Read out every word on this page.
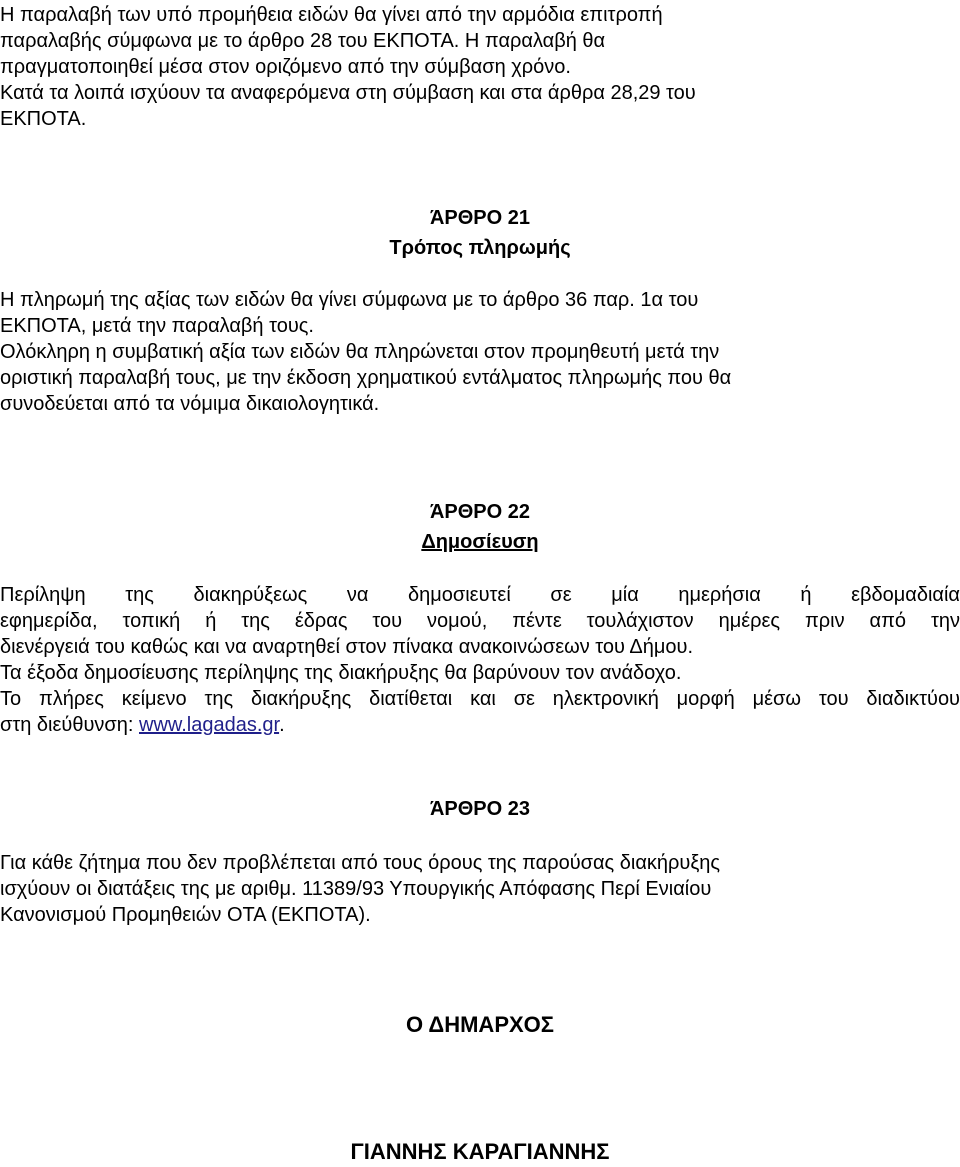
Η παραλαβή των υπό προμήθεια ειδών θα γίνει από την αρμόδια επιτροπή
παραλαβής σύμφωνα με το άρθρο 28 του ΕΚΠΟΤΑ. Η παραλαβή θα
πραγματοποιηθεί μέσα στον οριζόμενο από την σύμβαση χρόνο.
Κατά τα λοιπά ισχύουν τα αναφερόμενα στη σύμβαση και στα άρθρα 28,29 του
ΕΚΠΟΤΑ.
ΆΡΘΡΟ 21
Τρόπος πληρωμής
Η πληρωμή της αξίας των ειδών θα γίνει σύμφωνα με το άρθρο 36 παρ. 1α του
ΕΚΠΟΤΑ, μετά την παραλαβή τους.
Ολόκληρη η συμβατική αξία των ειδών θα πληρώνεται στον προμηθευτή μετά την
οριστική παραλαβή τους, με την έκδοση χρηματικού εντάλματος πληρωμής που θα
συνοδεύεται από τα νόμιμα δικαιολογητικά.
ΆΡΘΡΟ 22
Δημοσίευση
Περίληψη της διακηρύξεως να δημοσιευτεί σε μία ημερήσια ή εβδομαδιαία
εφημερίδα, τοπική ή της έδρας του νομού, πέντε τουλάχιστον ημέρες πριν από την
διενέργειά του καθώς και να αναρτηθεί στον πίνακα ανακοινώσεων του Δήμου.
Τα έξοδα δημοσίευσης περίληψης της διακήρυξης θα βαρύνουν τον ανάδοχο.
Το πλήρες κείμενο της διακήρυξης διατίθεται και σε ηλεκτρονική μορφή μέσω του διαδικτύου
στη διεύθυνση: www.lagadas.gr.
ΆΡΘΡΟ 23
Για κάθε ζήτημα που δεν προβλέπεται από τους όρους της παρούσας διακήρυξης
ισχύουν οι διατάξεις της με αριθμ. 11389/93 Υπουργικής Απόφασης Περί Ενιαίου
Κανονισμού Προμηθειών ΟΤΑ (ΕΚΠΟΤΑ).
Ο ΔΗΜΑΡΧΟΣ
ΓΙΑΝΝΗΣ ΚΑΡΑΓΙΑΝΝΗΣ
